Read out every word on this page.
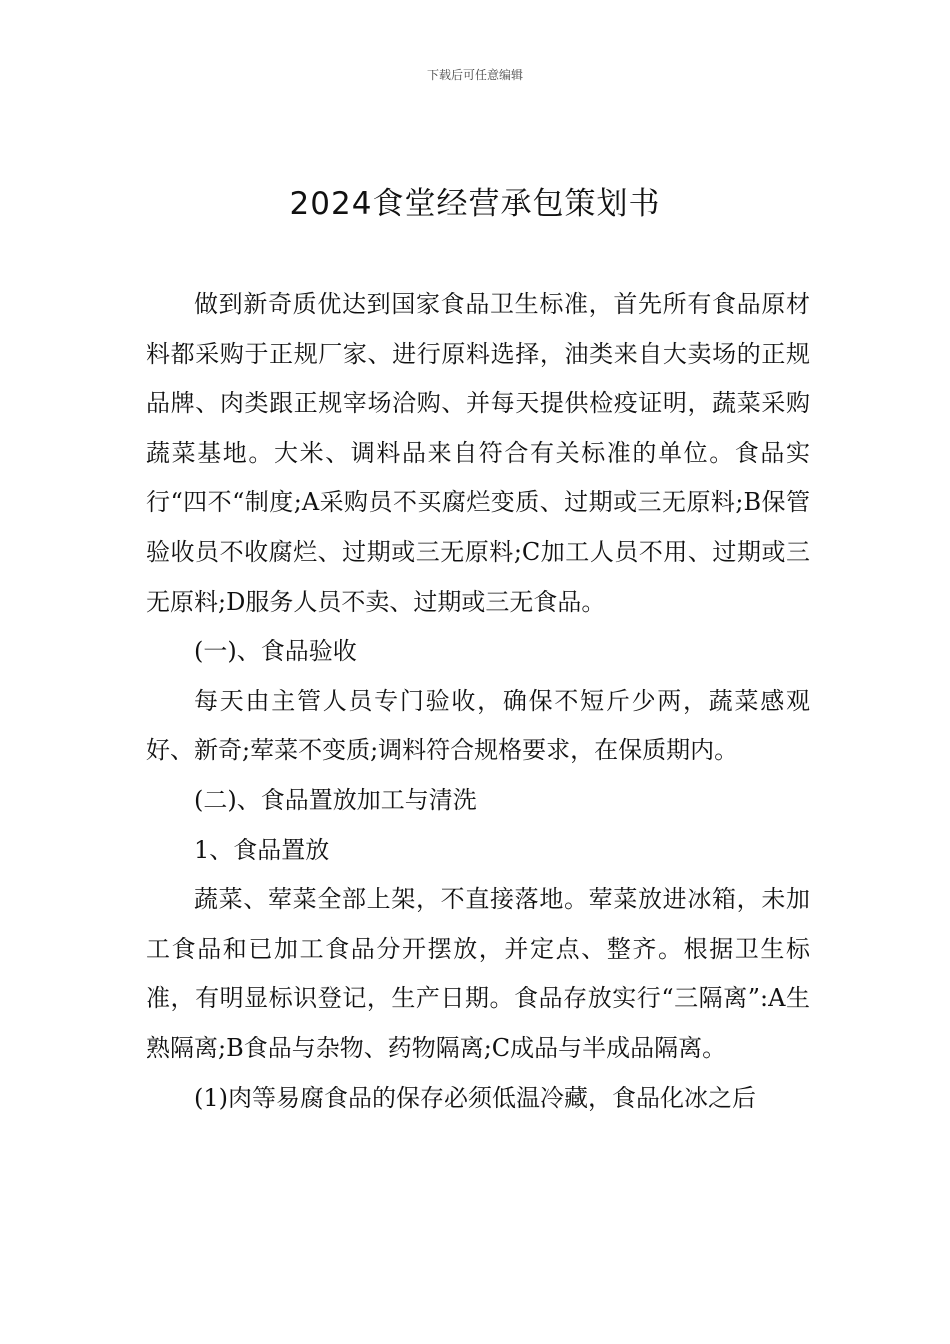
下载后可任意编辑
2024食堂经营承包策划书

做到新奇质优达到国家食品卫生标准，首先所有食品原材料都采购于正规厂家、进行原料选择，油类来自大卖场的正规品牌、肉类跟正规宰场洽购、并每天提供检疫证明，蔬菜采购蔬菜基地。大米、调料品来自符合有关标准的单位。食品实行“四不“制度;A采购员不买腐烂变质、过期或三无原料;B保管验收员不收腐烂、过期或三无原料;C加工人员不用、过期或三无原料;D服务人员不卖、过期或三无食品。

(一)、食品验收

每天由主管人员专门验收，确保不短斤少两，蔬菜感观好、新奇;荤菜不变质;调料符合规格要求，在保质期内。

(二)、食品置放加工与清洗

1、食品置放

蔬菜、荤菜全部上架，不直接落地。荤菜放进冰箱，未加工食品和已加工食品分开摆放，并定点、整齐。根据卫生标准，有明显标识登记，生产日期。食品存放实行“三隔离”:A生熟隔离;B食品与杂物、药物隔离;C成品与半成品隔离。

(1)肉等易腐食品的保存必须低温冷藏，食品化冰之后
